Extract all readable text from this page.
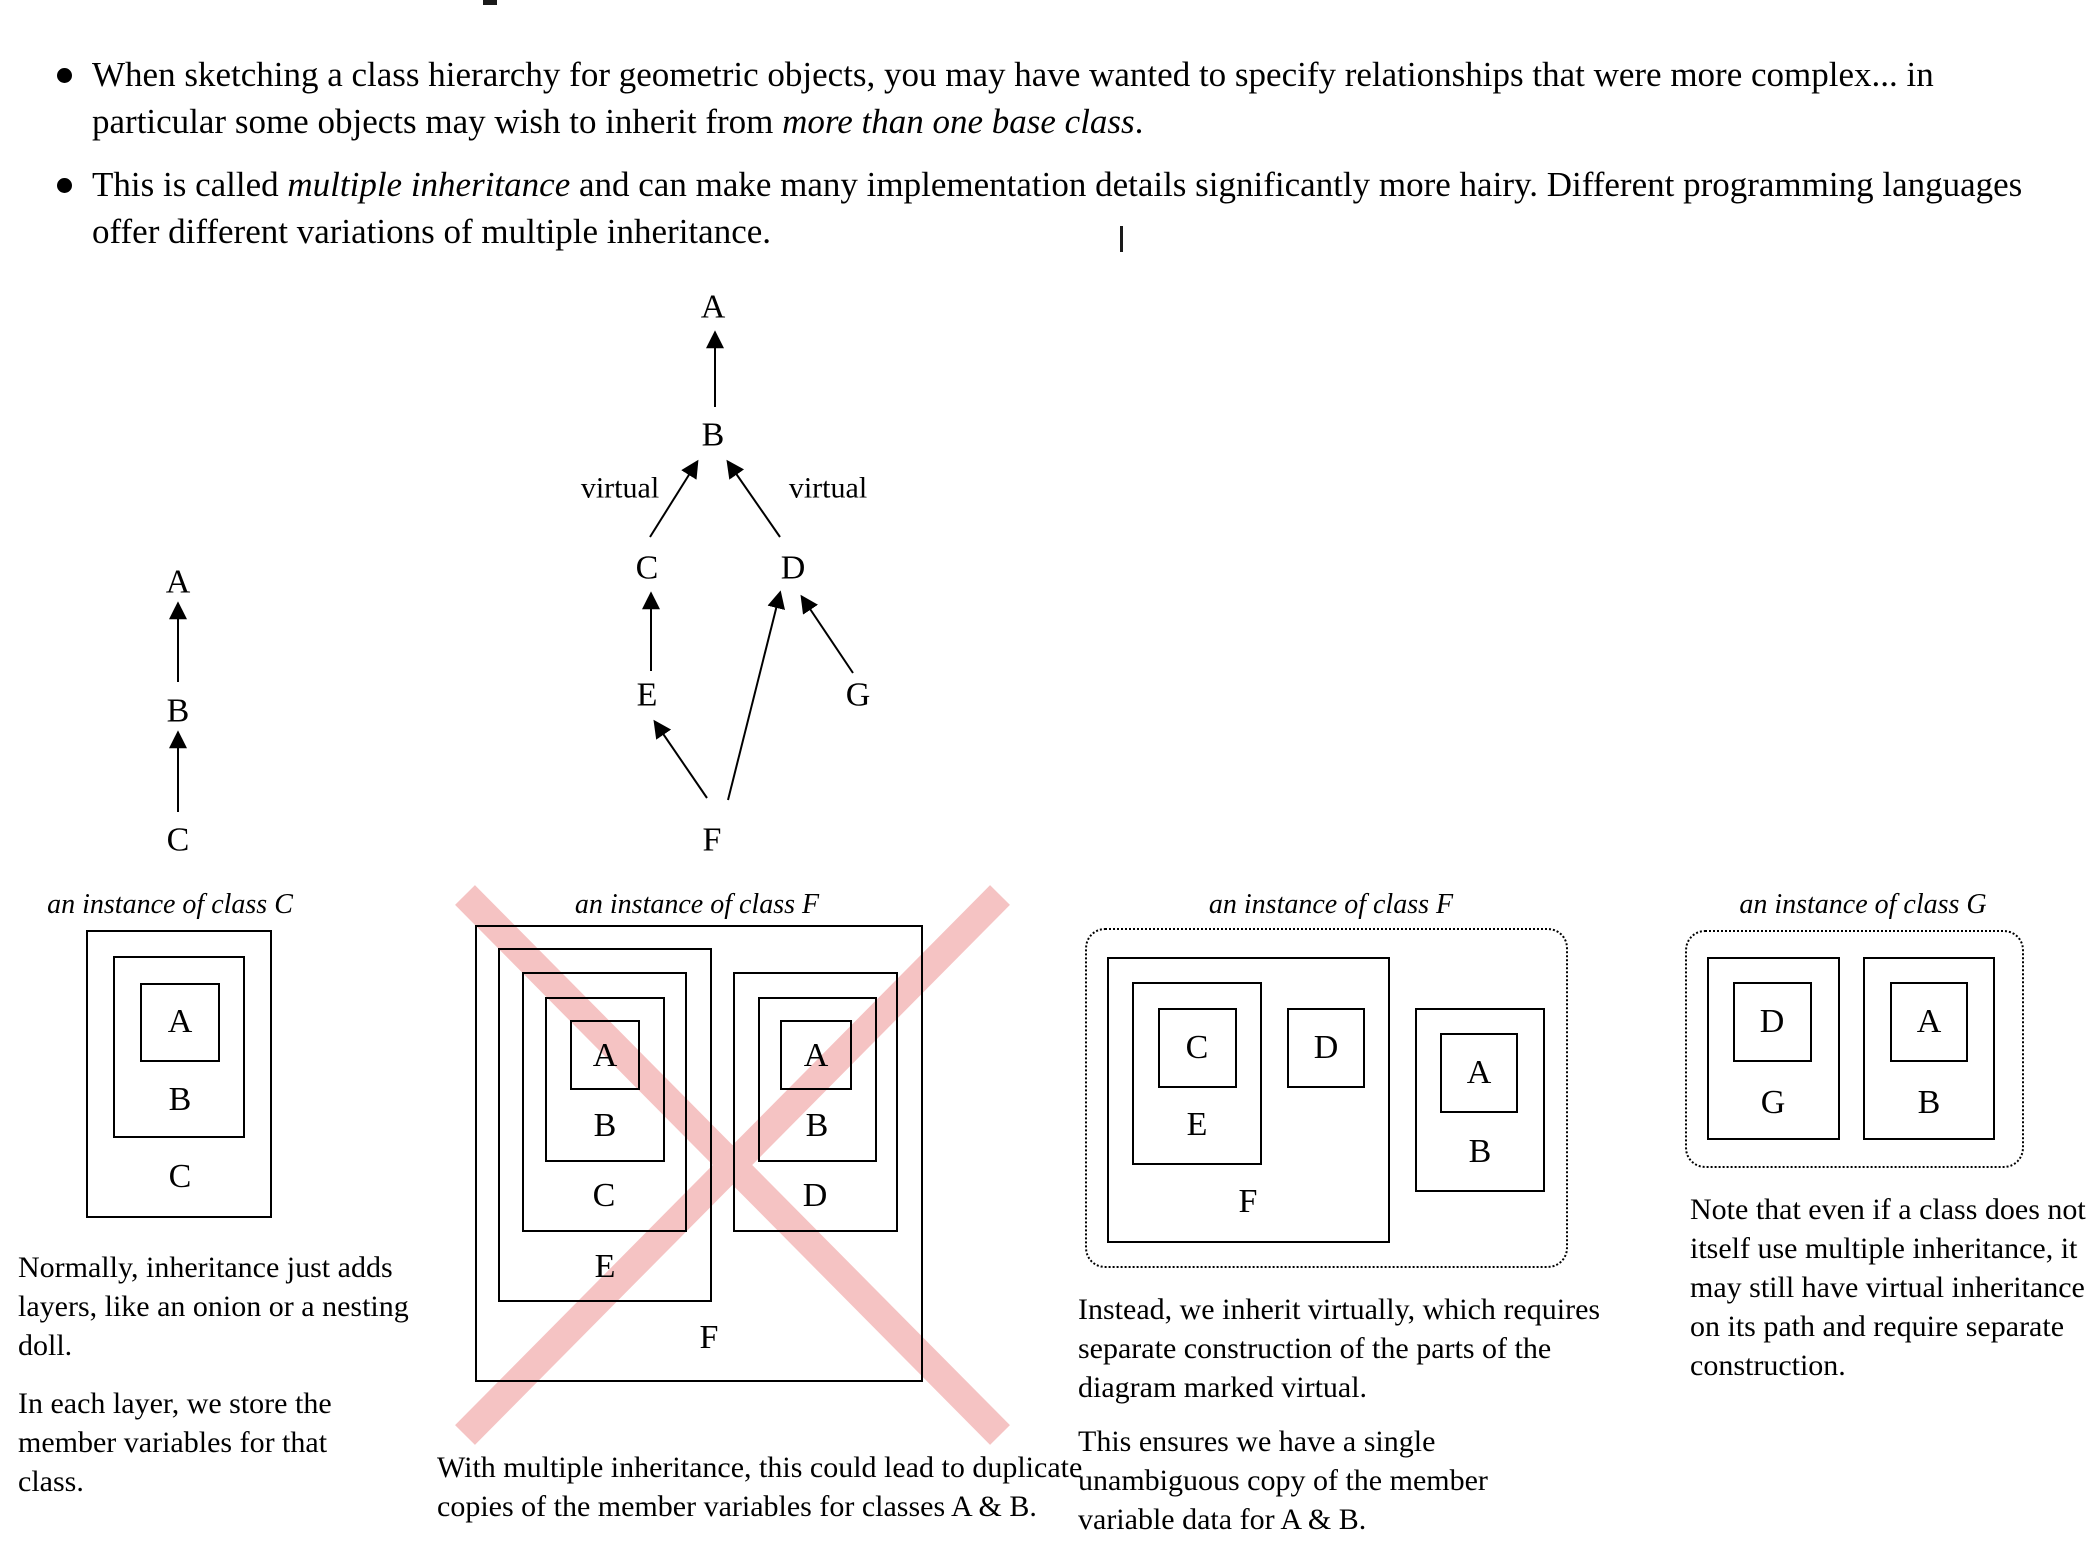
When sketching a class hierarchy for geometric objects, you may have wanted to specify relationships that were more complex... in particular some objects may wish to inherit from more than one base class.
This is called multiple inheritance and can make many implementation details significantly more hairy. Different programming languages offer different variations of multiple inheritance.
A
B
C
A
B
virtual	virtual
C	D
E	G
F
an instance of class C
A
B
C
Normally, inheritance just adds layers, like an onion or a nesting doll.
In each layer, we store the member variables for that class.
an instance of class F
A
B
C
E
A
B
D
F
With multiple inheritance, this could lead to duplicate copies of the member variables for classes A & B.
an instance of class F
C
E
D
F
A
B
Instead, we inherit virtually, which requires separate construction of the parts of the diagram marked virtual.
This ensures we have a single unambiguous copy of the member variable data for A & B.
an instance of class G
D
G
A
B
Note that even if a class does not itself use multiple inheritance, it may still have virtual inheritance on its path and require separate construction.
